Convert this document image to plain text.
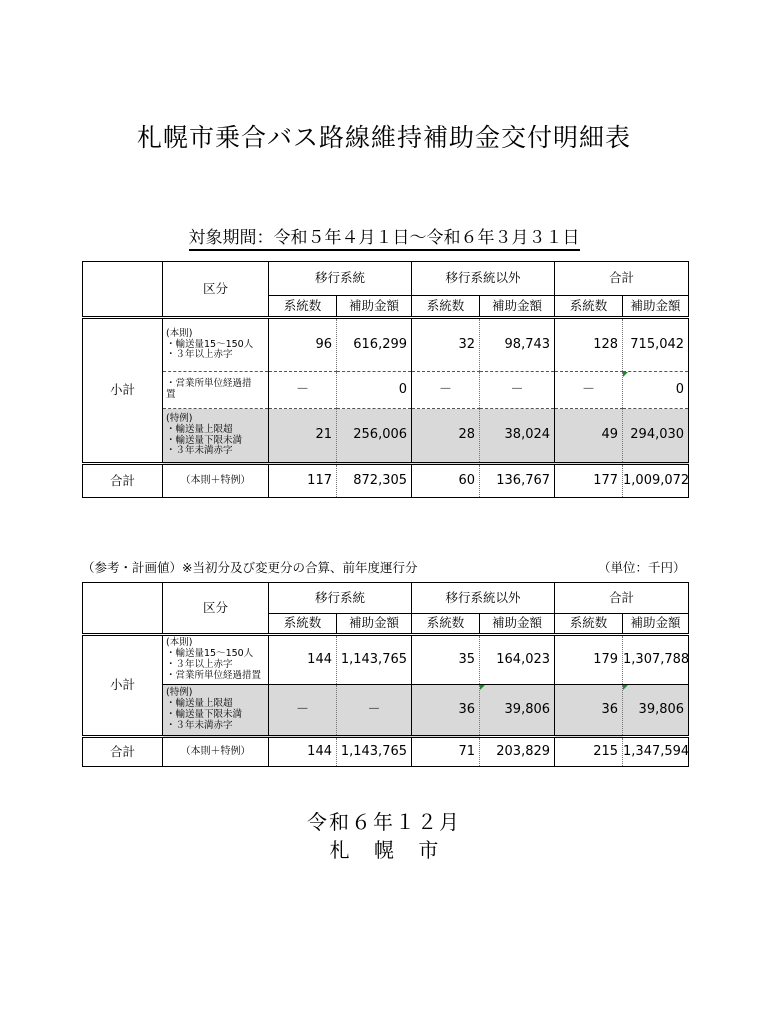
札幌市乗合バス路線維持補助金交付明細表
対象期間：令和５年４月１日～令和６年３月３１日
	区分	移行系統		移行系統以外		合計	
		系統数	補助金額	系統数	補助金額	系統数	補助金額
小計	(本則)
・輸送量15～150人
・３年以上赤字	96	616,299	32	98,743	128	715,042

	・営業所単位経過措
置	－	0	－	－	－	0

	(特例)
・輸送量上限超
・輸送量下限未満
・３年未満赤字	21	256,006	28	38,024	49	294,030
合計	（本則＋特例）	117	872,305	60	136,767	177	1,009,072
（参考・計画値）※当初分及び変更分の合算、前年度運行分	（単位：千円）
	区分	移行系統		移行系統以外		合計	
		系統数	補助金額	系統数	補助金額	系統数	補助金額
小計	(本則)
・輸送量15～150人
・３年以上赤字
・営業所単位経過措置	144	1,143,765	35	164,023	179	1,307,788

	(特例)
・輸送量上限超
・輸送量下限未満
・３年未満赤字	－	－	36	39,806	36	39,806
合計	（本則＋特例）	144	1,143,765	71	203,829	215	1,347,594
令和６年１２月
札 幌 市
